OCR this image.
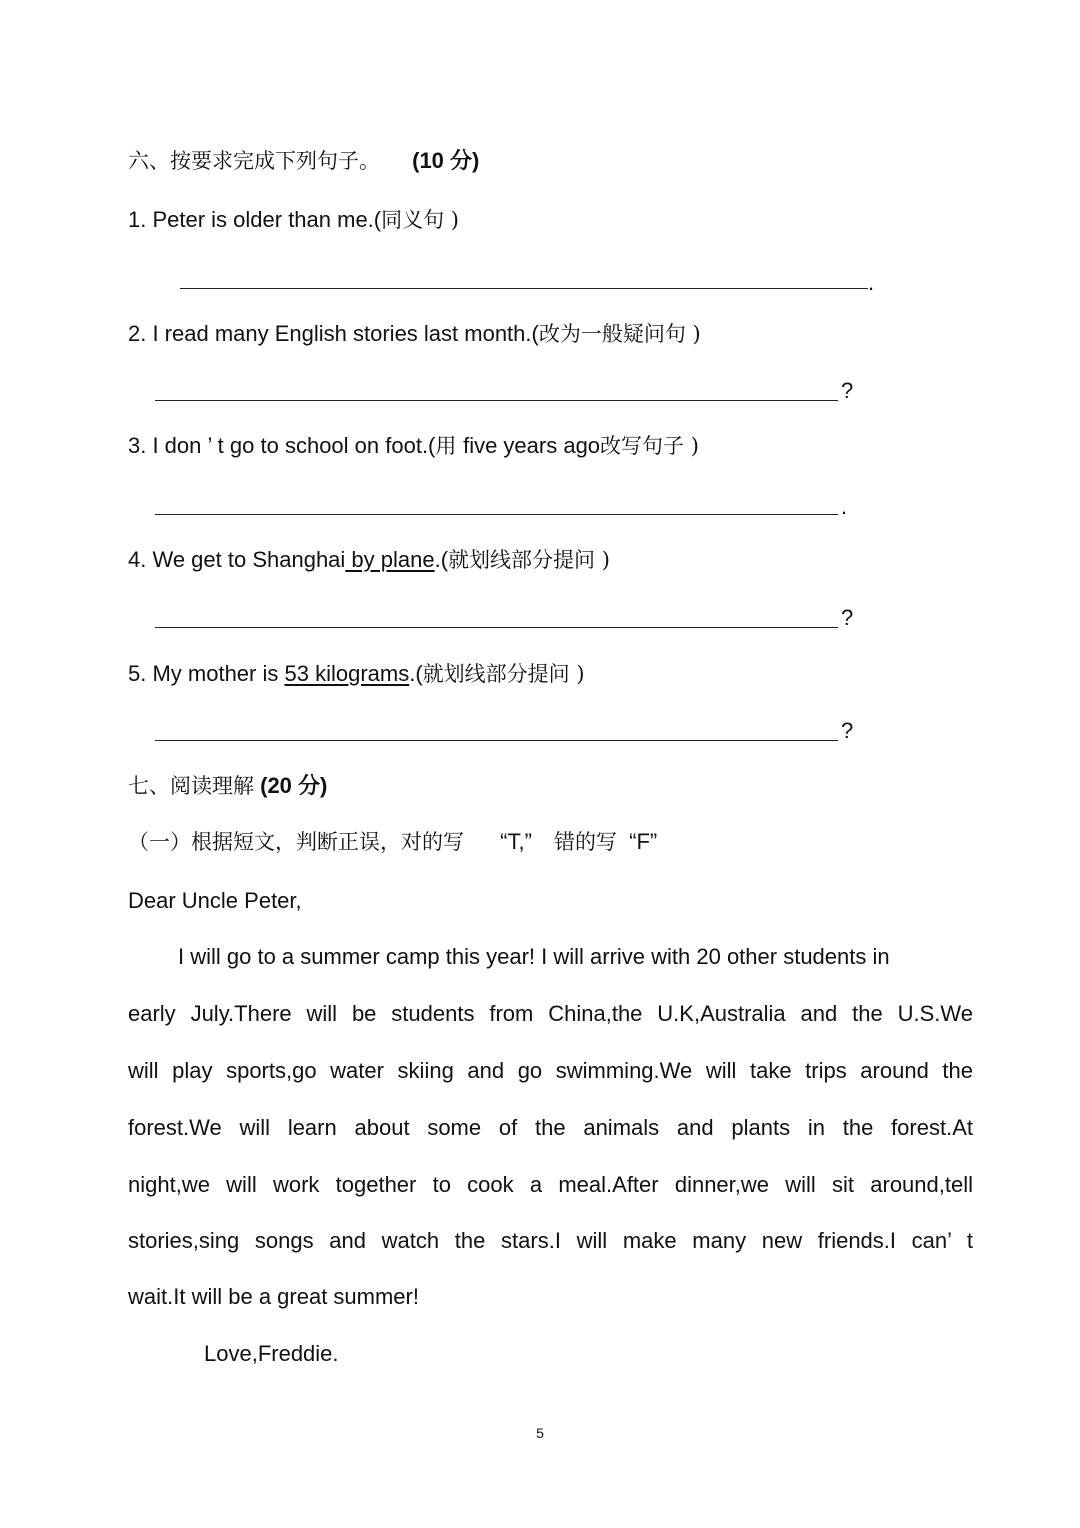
六、按要求完成下列句子。 (10 分)
1. Peter is older than me.(同义句 )
.
2. I read many English stories last month.(改为一般疑问句 )
?
3. I don ’ t go to school on foot.(用 five years ago改写句子 )
.
4. We get to Shanghai by plane.(就划线部分提问 )
?
5. My mother is 53 kilograms.(就划线部分提问 )
?
七、阅读理解 (20 分)
（一）根据短文，判断正误，对的写 “T,” 错的写 “F”
Dear Uncle Peter,
I will go to a summer camp this year! I will arrive with 20 other students in
early July.There will be students from China,the U.K,Australia and the U.S.We
will play sports,go water skiing and go swimming.We will take trips around the
forest.We will learn about some of the animals and plants in the forest.At
night,we will work together to cook a meal.After dinner,we will sit around,tell
stories,sing songs and watch the stars.I will make many new friends.I can’ t
wait.It will be a great summer!
Love,Freddie.
5
